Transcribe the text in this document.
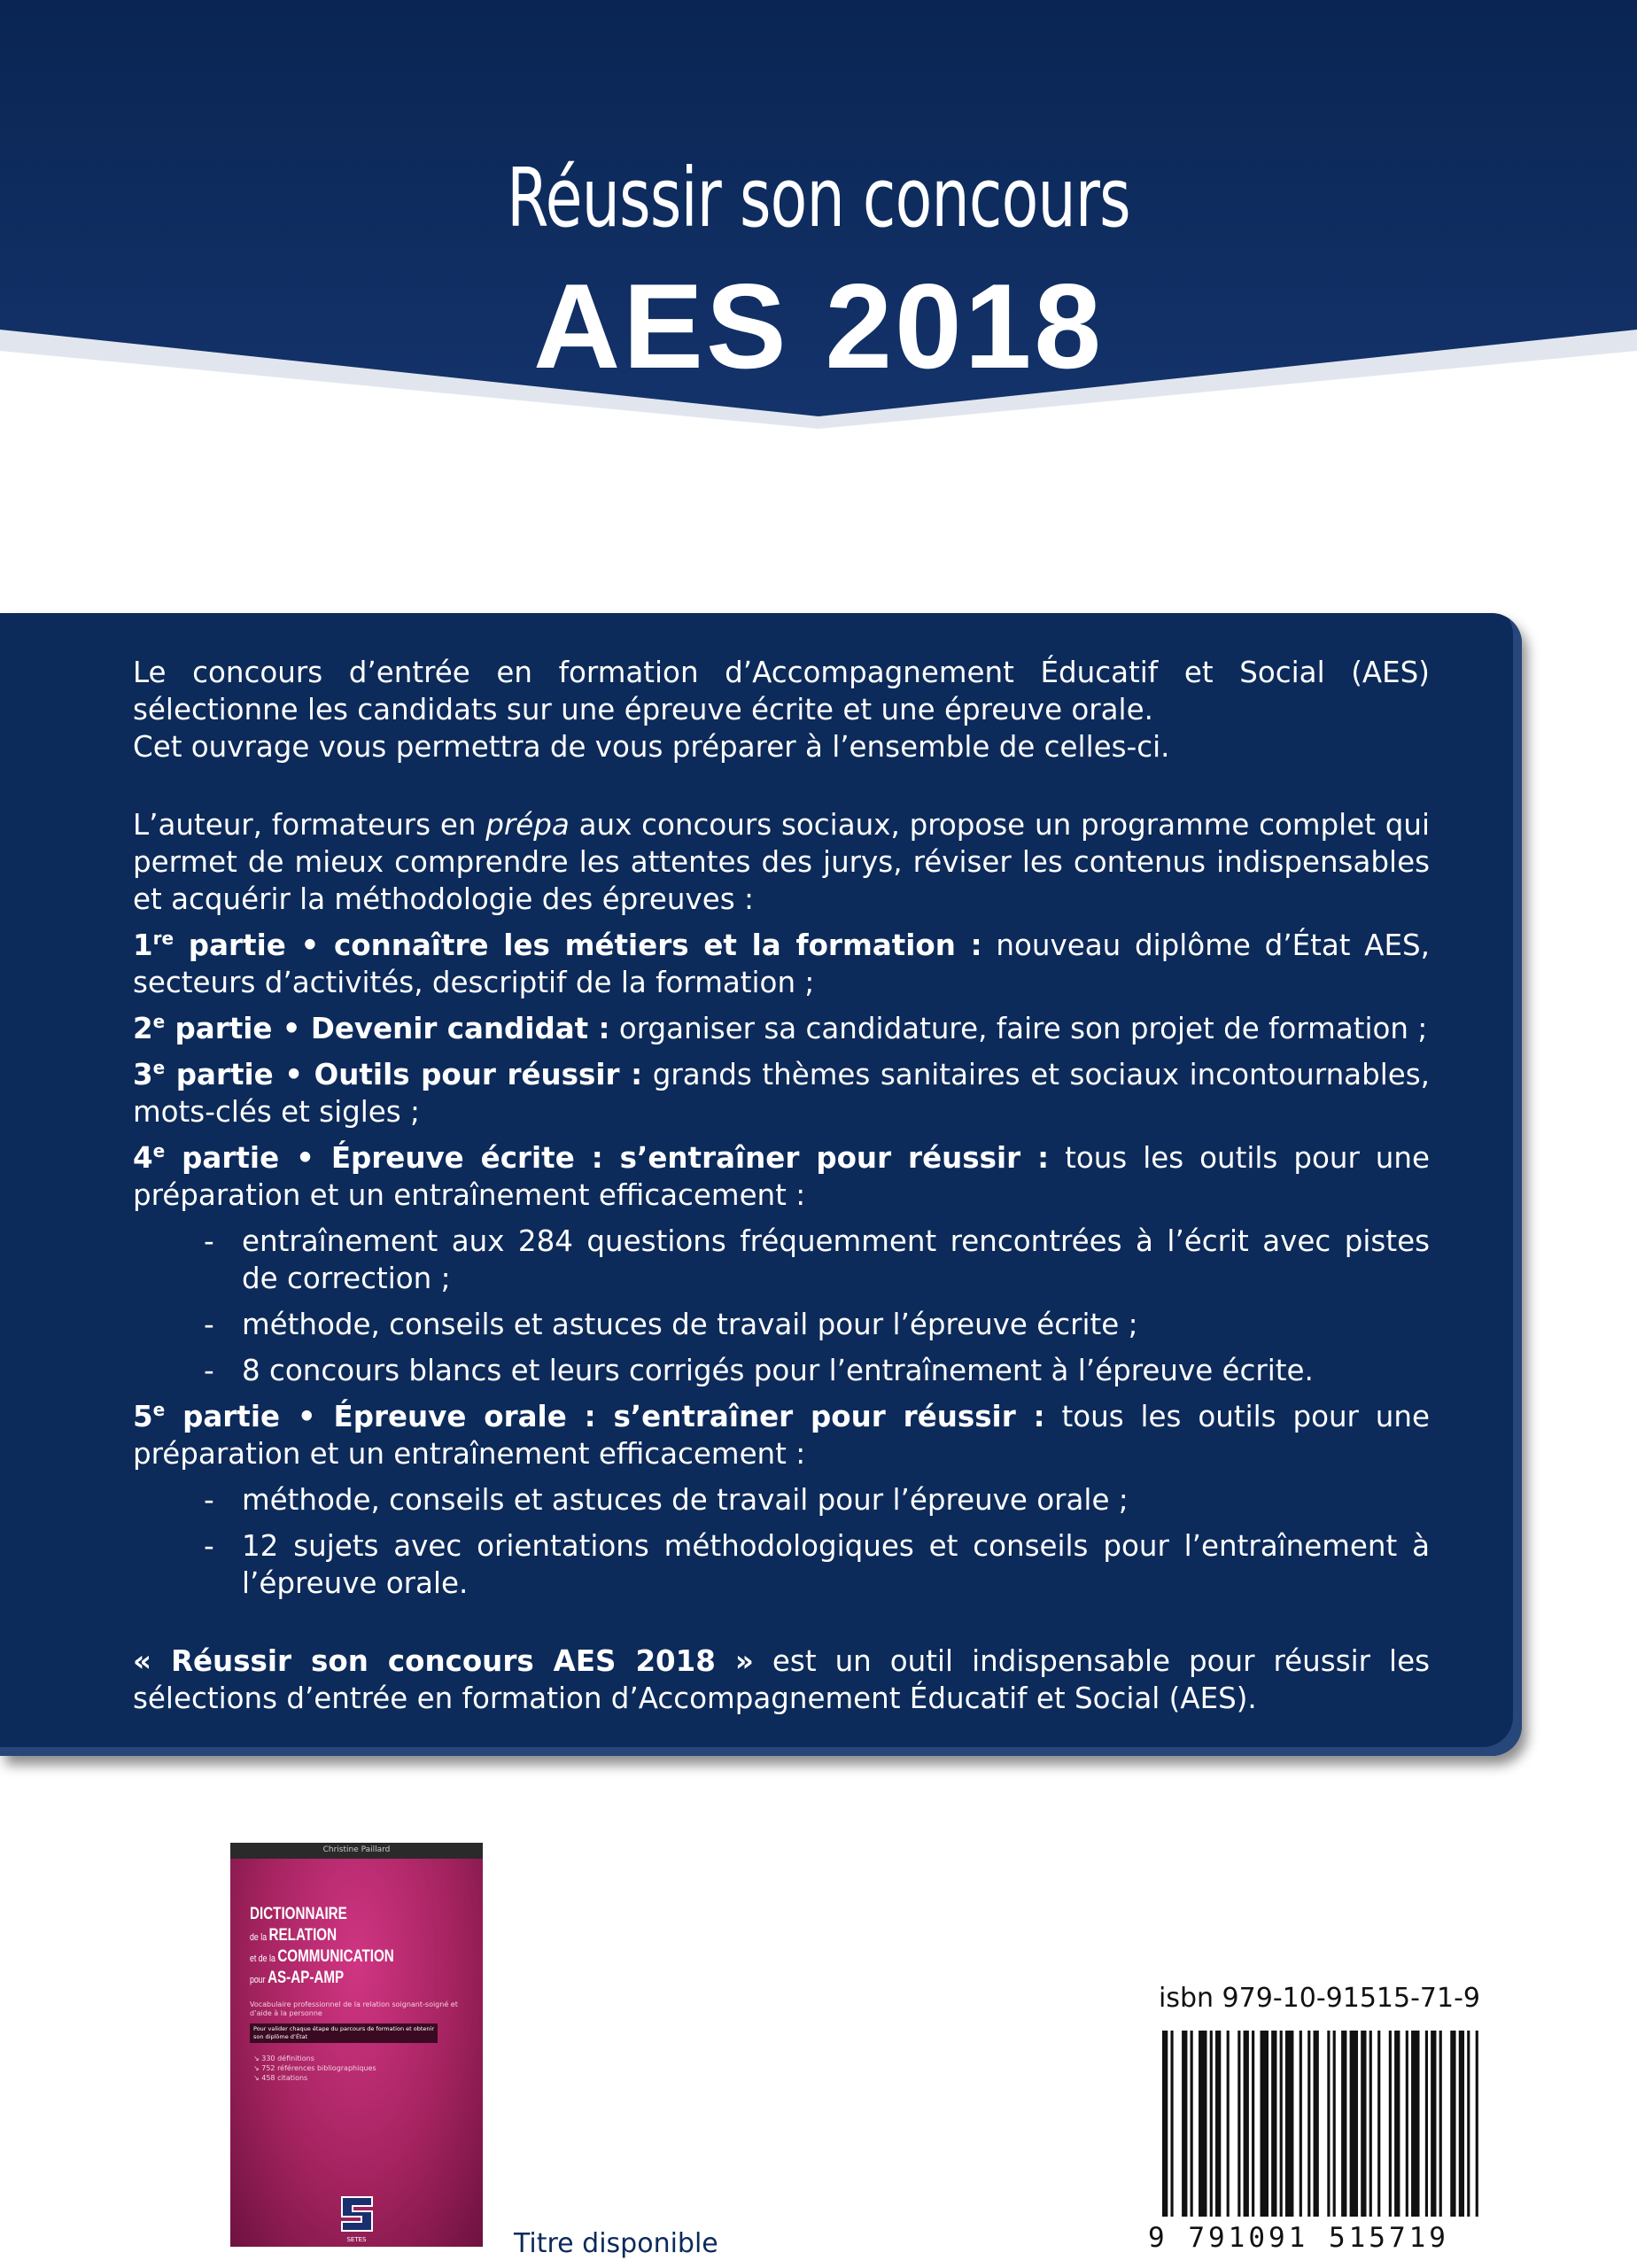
Réussir son concours
AES 2018

Le concours d’entrée en formation d’Accompagnement Éducatif et Social (AES) sélectionne les candidats sur une épreuve écrite et une épreuve orale.
Cet ouvrage vous permettra de vous préparer à l’ensemble de celles-ci.

L’auteur, formateurs en prépa aux concours sociaux, propose un programme complet qui permet de mieux comprendre les attentes des jurys, réviser les contenus indispensables et acquérir la méthodologie des épreuves :

1re partie • connaître les métiers et la formation : nouveau diplôme d’État AES, secteurs d’activités, descriptif de la formation ;

2e partie • Devenir candidat : organiser sa candidature, faire son projet de formation ;

3e partie • Outils pour réussir : grands thèmes sanitaires et sociaux incontournables, mots-clés et sigles ;

4e partie • Épreuve écrite : s’entraîner pour réussir : tous les outils pour une préparation et un entraînement efficacement :

- entraînement aux 284 questions fréquemment rencontrées à l’écrit avec pistes de correction ;

- méthode, conseils et astuces de travail pour l’épreuve écrite ;

- 8 concours blancs et leurs corrigés pour l’entraînement à l’épreuve écrite.

5e partie • Épreuve orale : s’entraîner pour réussir : tous les outils pour une préparation et un entraînement efficacement :

- méthode, conseils et astuces de travail pour l’épreuve orale ;

- 12 sujets avec orientations méthodologiques et conseils pour l’entraînement à l’épreuve orale.

« Réussir son concours AES 2018 » est un outil indispensable pour réussir les sélections d’entrée en formation d’Accompagnement Éducatif et Social (AES).

Christine Paillard
DICTIONNAIRE
de la RELATION
et de la COMMUNICATION
pour AS-AP-AMP
Vocabulaire professionnel de la relation soignant-soigné et d’aide à la personne
Pour valider chaque étape du parcours de formation et obtenir son diplôme d’État
↘ 330 définitions
↘ 752 références bibliographiques
↘ 458 citations
SETES	Titre disponible
isbn 979-10-91515-71-9
9 791091 515719
